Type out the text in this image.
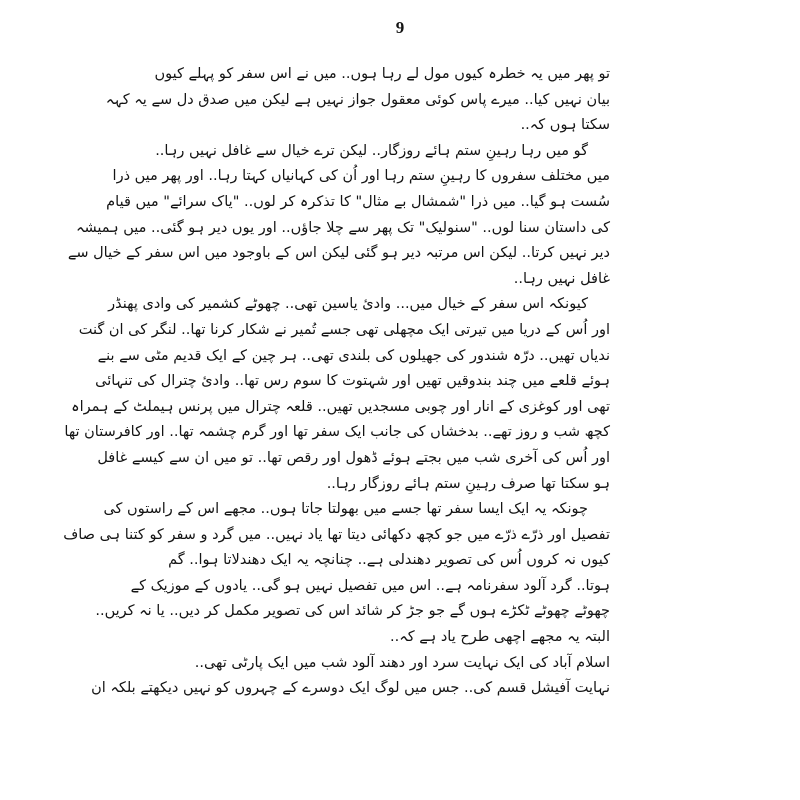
9
تو پھر میں یہ خطرہ کیوں مول لے رہا ہوں.. میں نے اس سفر کو پہلے کیوں
بیان نہیں کیا.. میرے پاس کوئی معقول جواز نہیں ہے لیکن میں صدق دل سے یہ کہہ
سکتا ہوں کہ..
گو میں رہا رہینِ ستم ہائے روزگار.. لیکن ترے خیال سے غافل نہیں رہا..
میں مختلف سفروں کا رہینِ ستم رہا اور اُن کی کہانیاں کہتا رہا.. اور پھر میں ذرا
سُست ہو گیا.. میں ذرا "شمشال بے مثال" کا تذکرہ کر لوں.. "یاک سرائے" میں قیام
کی داستان سنا لوں.. "سنولیک" تک پھر سے چلا جاؤں.. اور یوں دیر ہو گئی.. میں ہمیشہ
دیر نہیں کرتا.. لیکن اس مرتبہ دیر ہو گئی لیکن اس کے باوجود میں اس سفر کے خیال سے
غافل نہیں رہا..
کیونکہ اس سفر کے خیال میں... وادیٔ یاسین تھی.. چھوٹے کشمیر کی وادی پھنڈر
اور اُس کے دریا میں تیرتی ایک مچھلی تھی جسے تُمیر نے شکار کرنا تھا.. لنگر کی ان گنت
ندیاں تھیں.. درّہ شندور کی جھیلوں کی بلندی تھی.. ہر چین کے ایک قدیم مٹی سے بنے
ہوئے قلعے میں چند بندوقیں تھیں اور شہتوت کا سوم رس تھا.. وادیٔ چترال کی تنہائی
تھی اور کوغزی کے انار اور چوبی مسجدیں تھیں.. قلعہ چترال میں پرنس ہیملٹ کے ہمراہ
کچھ شب و روز تھے.. بدخشاں کی جانب ایک سفر تھا اور گرم چشمہ تھا.. اور کافرستان تھا
اور اُس کی آخری شب میں بجتے ہوئے ڈھول اور رقص تھا.. تو میں ان سے کیسے غافل
ہو سکتا تھا صرف رہینِ ستم ہائے روزگار رہا..
چونکہ یہ ایک ایسا سفر تھا جسے میں بھولتا جاتا ہوں.. مجھے اس کے راستوں کی
تفصیل اور ذرّے ذرّے میں جو کچھ دکھائی دیتا تھا یاد نہیں.. میں گرد و سفر کو کتنا ہی صاف
کیوں نہ کروں اُس کی تصویر دھندلی ہے.. چنانچہ یہ ایک دھندلاتا ہوا.. گم
ہوتا.. گرد آلود سفرنامہ ہے.. اس میں تفصیل نہیں ہو گی.. یادوں کے موزیک کے
چھوٹے چھوٹے ٹکڑے ہوں گے جو جڑ کر شائد اس کی تصویر مکمل کر دیں.. یا نہ کریں..
البتہ یہ مجھے اچھی طرح یاد ہے کہ..
اسلام آباد کی ایک نہایت سرد اور دھند آلود شب میں ایک پارٹی تھی..
نہایت آفیشل قسم کی.. جس میں لوگ ایک دوسرے کے چہروں کو نہیں دیکھتے بلکہ ان
